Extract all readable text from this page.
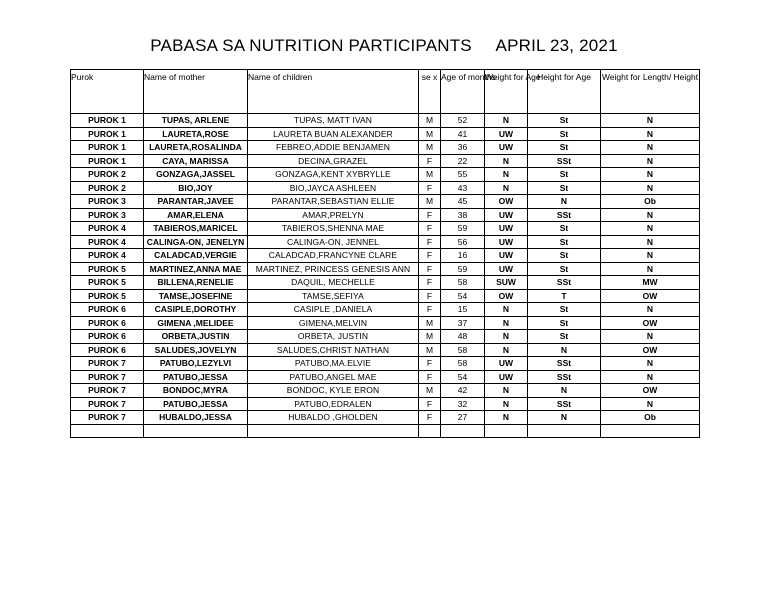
PABASA SA NUTRITION PARTICIPANTS     APRIL 23, 2021
Purok	Name of mother	Name of children	se x	Age of months	Weight for Age	Height for Age	Weight for Length/ Height
PUROK 1	TUPAS, ARLENE	TUPAS, MATT IVAN	M	52	N	St	N
PUROK 1	LAURETA,ROSE	LAURETA BUAN ALEXANDER	M	41	UW	St	N
PUROK 1	LAURETA,ROSALINDA	FEBREO,ADDIE BENJAMEN	M	36	UW	St	N
PUROK 1	CAYA, MARISSA	DECINA,GRAZEL	F	22	N	SSt	N
PUROK 2	GONZAGA,JASSEL	GONZAGA,KENT XYBRYLLE	M	55	N	St	N
PUROK 2	BIO,JOY	BIO,JAYCA ASHLEEN	F	43	N	St	N
PUROK 3	PARANTAR,JAVEE	PARANTAR,SEBASTIAN ELLIE	M	45	OW	N	Ob
PUROK 3	AMAR,ELENA	AMAR,PRELYN	F	38	UW	SSt	N
PUROK 4	TABIEROS,MARICEL	TABIEROS,SHENNA MAE	F	59	UW	St	N
PUROK 4	CALINGA-ON, JENELYN	CALINGA-ON, JENNEL	F	56	UW	St	N
PUROK 4	CALADCAD,VERGIE	CALADCAD,FRANCYNE CLARE	F	16	UW	St	N
PUROK 5	MARTINEZ,ANNA MAE	MARTINEZ, PRINCESS GENESIS ANN	F	59	UW	St	N
PUROK 5	BILLENA,RENELIE	DAQUIL, MECHELLE	F	58	SUW	SSt	MW
PUROK 5	TAMSE,JOSEFINE	TAMSE,SEFIYA	F	54	OW	T	OW
PUROK 6	CASIPLE,DOROTHY	CASIPLE ,DANIELA	F	15	N	St	N
PUROK 6	GIMENA ,MELIDEE	GIMENA,MELVIN	M	37	N	St	OW
PUROK 6	ORBETA,JUSTIN	ORBETA, JUSTIN	M	48	N	St	N
PUROK 6	SALUDES,JOVELYN	SALUDES,CHRIST NATHAN	M	58	N	N	OW
PUROK 7	PATUBO,LEZYLVI	PATUBO,MA.ELVIE	F	58	UW	SSt	N
PUROK 7	PATUBO,JESSA	PATUBO,ANGEL MAE	F	54	UW	SSt	N
PUROK 7	BONDOC,MYRA	BONDOC, KYLE ERON	M	42	N	N	OW
PUROK 7	PATUBO,JESSA	PATUBO,EDRALEN	F	32	N	SSt	N
PUROK 7	HUBALDO,JESSA	HUBALDO ,GHOLDEN	F	27	N	N	Ob
